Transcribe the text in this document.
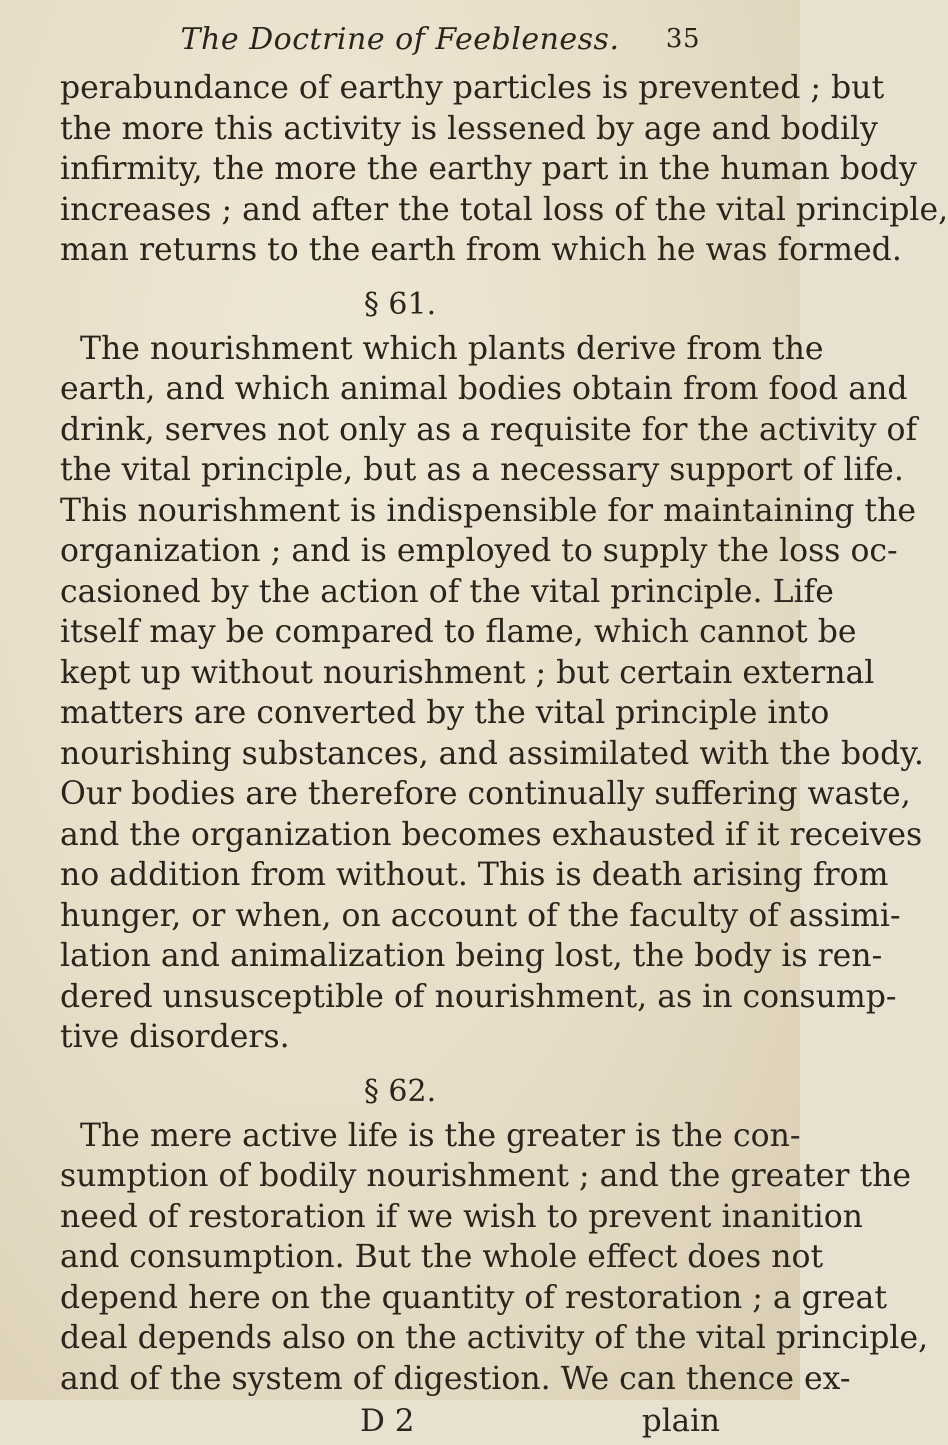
The Doctrine of Feebleness.	35
perabundance of earthy particles is prevented ; but
the more this activity is lessened by age and bodily
infirmity, the more the earthy part in the human body
increases ; and after the total loss of the vital principle,
man returns to the earth from which he was formed.
§ 61.
The nourishment which plants derive from the
earth, and which animal bodies obtain from food and
drink, serves not only as a requisite for the activity of
the vital principle, but as a necessary support of life.
This nourishment is indispensible for maintaining the
organization ; and is employed to supply the loss oc-
casioned by the action of the vital principle. Life
itself may be compared to flame, which cannot be
kept up without nourishment ; but certain external
matters are converted by the vital principle into
nourishing substances, and assimilated with the body.
Our bodies are therefore continually suffering waste,
and the organization becomes exhausted if it receives
no addition from without. This is death arising from
hunger, or when, on account of the faculty of assimi-
lation and animalization being lost, the body is ren-
dered unsusceptible of nourishment, as in consump-
tive disorders.
§ 62.
The mere active life is the greater is the con-
sumption of bodily nourishment ; and the greater the
need of restoration if we wish to prevent inanition
and consumption. But the whole effect does not
depend here on the quantity of restoration ; a great
deal depends also on the activity of the vital principle,
and of the system of digestion. We can thence ex-
D 2	plain
